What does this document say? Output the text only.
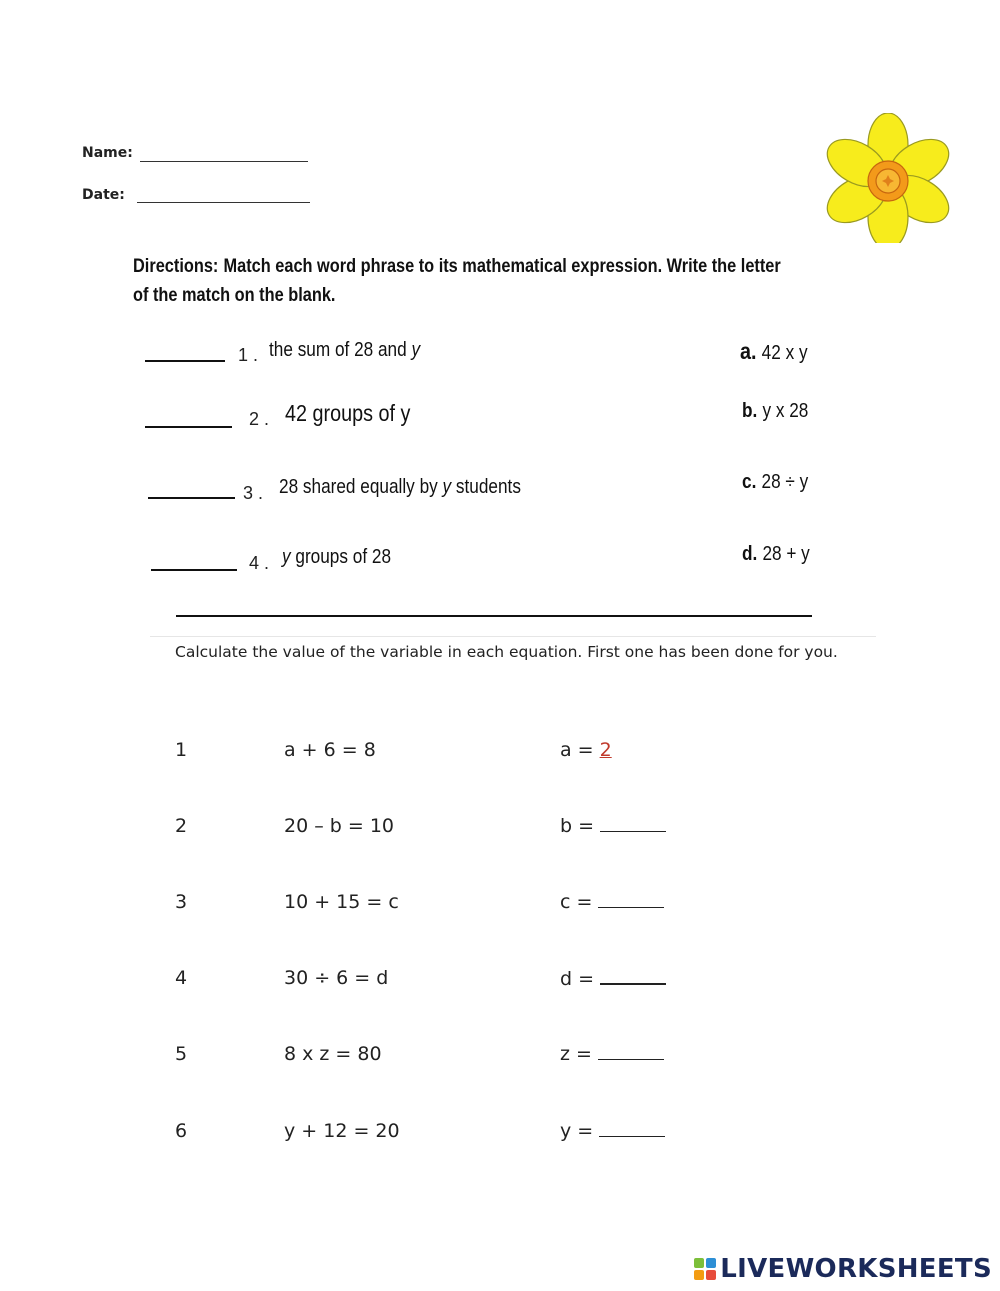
Name:
Date:
Directions: Match each word phrase to its mathematical expression. Write the letter of the match on the blank.
1 . the sum of 28 and y
2 . 42 groups of y
3 . 28 shared equally by y students
4 . y groups of 28
a. 42 x y
b. y x 28
c. 28 ÷ y
d. 28 + y
Calculate the value of the variable in each equation. First one has been done for you.
1	a + 6 = 8	a = 2
2	20 – b = 10	b =
3	10 + 15 = c	c =
4	30 ÷ 6 = d	d =
5	8 x z = 80	z =
6	y + 12 = 20	y =
LIVEWORKSHEETS
